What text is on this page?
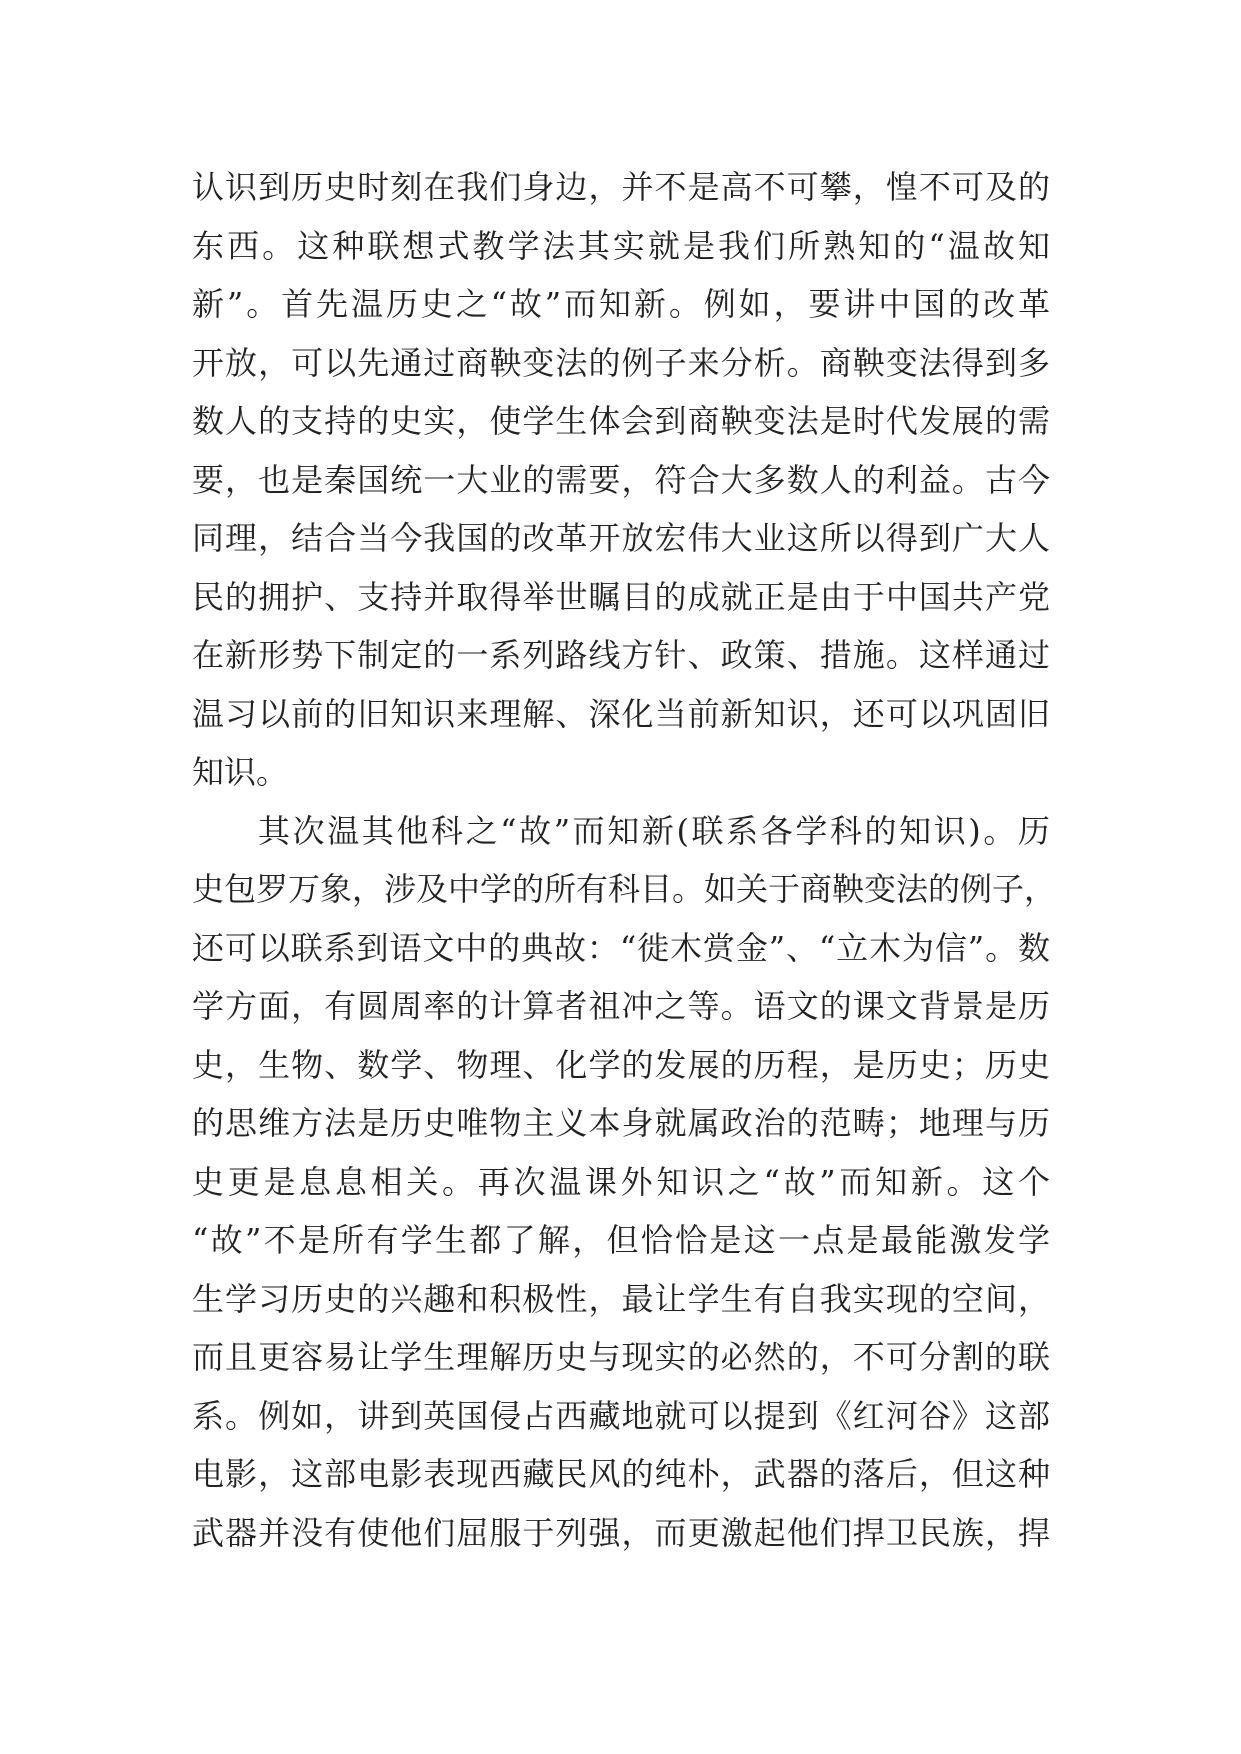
认识到历史时刻在我们身边，并不是高不可攀，惶不可及的
东西。这种联想式教学法其实就是我们所熟知的“温故知
新”。首先温历史之“故”而知新。例如，要讲中国的改革
开放，可以先通过商鞅变法的例子来分析。商鞅变法得到多
数人的支持的史实，使学生体会到商鞅变法是时代发展的需
要，也是秦国统一大业的需要，符合大多数人的利益。古今
同理，结合当今我国的改革开放宏伟大业这所以得到广大人
民的拥护、支持并取得举世瞩目的成就正是由于中国共产党
在新形势下制定的一系列路线方针、政策、措施。这样通过
温习以前的旧知识来理解、深化当前新知识，还可以巩固旧
知识。
其次温其他科之“故”而知新(联系各学科的知识)。历
史包罗万象，涉及中学的所有科目。如关于商鞅变法的例子，
还可以联系到语文中的典故：“徙木赏金”、“立木为信”。数
学方面，有圆周率的计算者祖冲之等。语文的课文背景是历
史，生物、数学、物理、化学的发展的历程，是历史；历史
的思维方法是历史唯物主义本身就属政治的范畴；地理与历
史更是息息相关。再次温课外知识之“故”而知新。这个
“故”不是所有学生都了解，但恰恰是这一点是最能激发学
生学习历史的兴趣和积极性，最让学生有自我实现的空间，
而且更容易让学生理解历史与现实的必然的，不可分割的联
系。例如，讲到英国侵占西藏地就可以提到《红河谷》这部
电影，这部电影表现西藏民风的纯朴，武器的落后，但这种
武器并没有使他们屈服于列强，而更激起他们捍卫民族，捍
